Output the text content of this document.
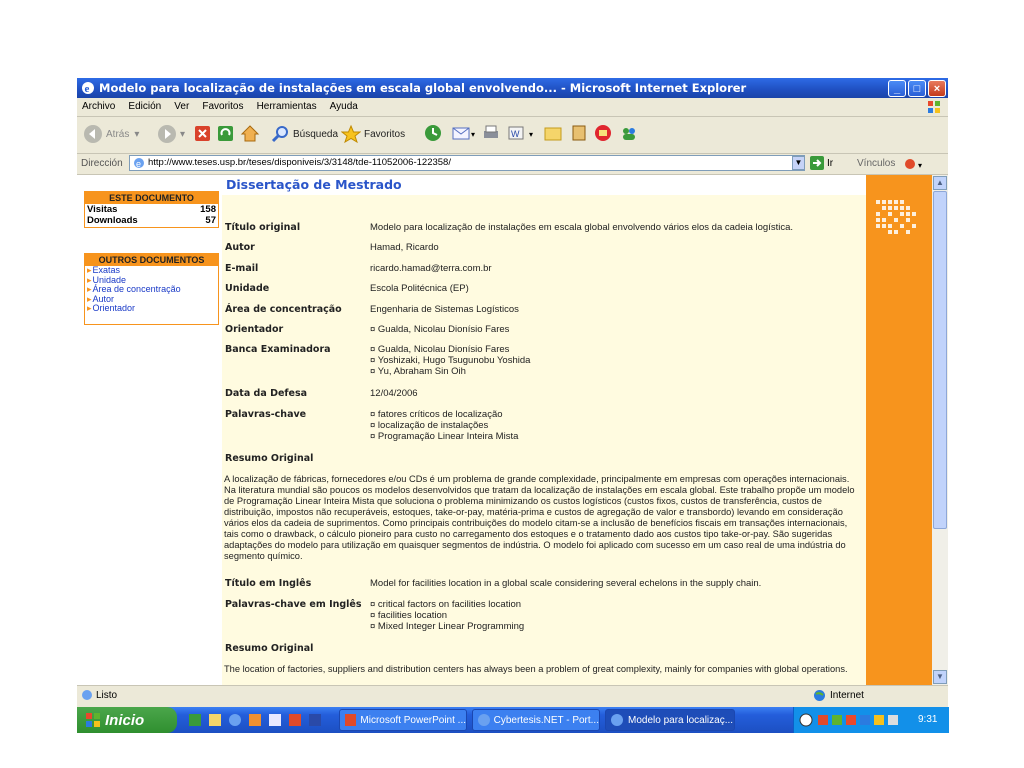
e Modelo para localização de instalações em escala global envolvendo... - Microsoft Internet Explorer	_	□	×
Archivo Edición Ver Favoritos Herramientas Ayuda
Atrás ▾	▾	Búsqueda	Favoritos	▾	W ▾
Dirección e http://www.teses.usp.br/teses/disponiveis/3/3148/tde-11052006-122358/	▼ Ir Vínculos	▾
ESTE DOCUMENTO
Visitas	158
Downloads	57
OUTROS DOCUMENTOS
▸ Exatas
▸ Unidade
▸ Área de concentração
▸ Autor
▸ Orientador
Dissertação de Mestrado
Título original	Modelo para localização de instalações em escala global envolvendo vários elos da cadeia logística.
Autor	Hamad, Ricardo
E-mail	ricardo.hamad@terra.com.br
Unidade	Escola Politécnica (EP)
Área de concentração	Engenharia de Sistemas Logísticos
Orientador	¤ Gualda, Nicolau Dionísio Fares
Banca Examinadora	¤ Gualda, Nicolau Dionísio Fares
¤ Yoshizaki, Hugo Tsugunobu Yoshida
¤ Yu, Abraham Sin Oih
Data da Defesa	12/04/2006
Palavras-chave	¤ fatores críticos de localização
¤ localização de instalações
¤ Programação Linear Inteira Mista
Resumo Original
A localização de fábricas, fornecedores e/ou CDs é um problema de grande complexidade, principalmente em empresas com operações internacionais.
Na literatura mundial são poucos os modelos desenvolvidos que tratam da localização de instalações em escala global. Este trabalho propõe um modelo
de Programação Linear Inteira Mista que soluciona o problema minimizando os custos logísticos (custos fixos, custos de transferência, custos de
distribuição, impostos não recuperáveis, estoques, take-or-pay, matéria-prima e custos de agregação de valor e transbordo) levando em consideração
vários elos da cadeia de suprimentos. Como principais contribuições do modelo citam-se a inclusão de benefícios fiscais em transações internacionais,
tais como o drawback, o cálculo pioneiro para custo no carregamento dos estoques e o tratamento dado aos custos tipo take-or-pay. São sugeridas
adaptações do modelo para utilização em quaisquer segmentos de indústria. O modelo foi aplicado com sucesso em um caso real de uma indústria do
segmento químico.
Título em Inglês	Model for facilities location in a global scale considering several echelons in the supply chain.
Palavras-chave em Inglês ¤ critical factors on facilities location
¤ facilities location
¤ Mixed Integer Linear Programming
Resumo Original
The location of factories, suppliers and distribution centers has always been a problem of great complexity, mainly for companies with global operations.
▲
▼
Listo	Internet
Inicio	Microsoft PowerPoint ...	Cybertesis.NET - Port...	Modelo para localizaç...	9:31
